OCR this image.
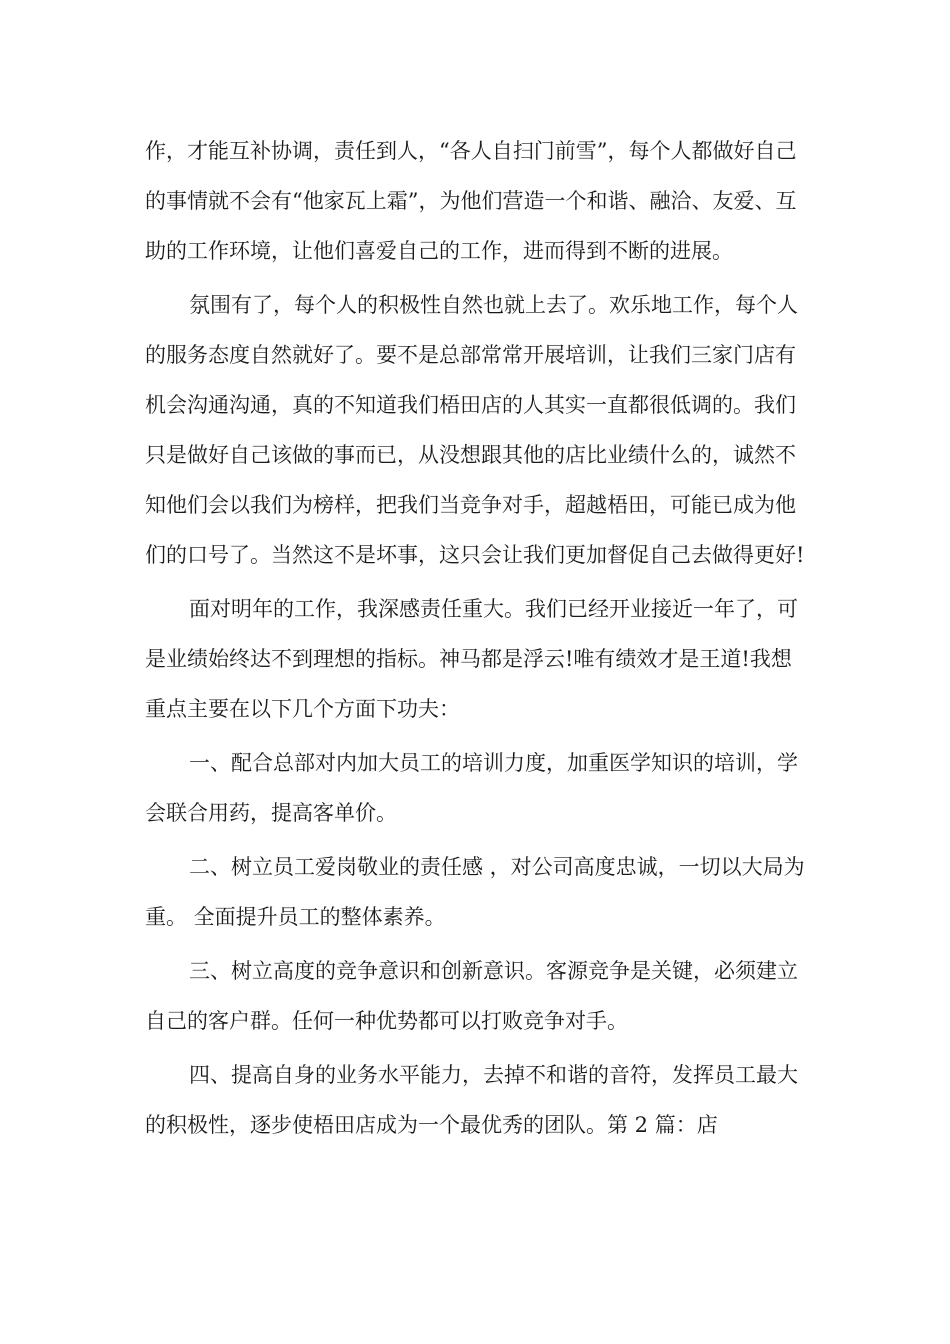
作，才能互补协调，责任到人，“各人自扫门前雪”，每个人都做好自己的事情就不会有“他家瓦上霜”，为他们营造一个和谐、融洽、友爱、互助的工作环境，让他们喜爱自己的工作，进而得到不断的进展。

氛围有了，每个人的积极性自然也就上去了。欢乐地工作，每个人的服务态度自然就好了。要不是总部常常开展培训，让我们三家门店有机会沟通沟通，真的不知道我们梧田店的人其实一直都很低调的。我们只是做好自己该做的事而已，从没想跟其他的店比业绩什么的，诚然不知他们会以我们为榜样，把我们当竞争对手，超越梧田，可能已成为他们的口号了。当然这不是坏事，这只会让我们更加督促自己去做得更好!

面对明年的工作，我深感责任重大。我们已经开业接近一年了，可是业绩始终达不到理想的指标。神马都是浮云!唯有绩效才是王道!我想重点主要在以下几个方面下功夫：

一、配合总部对内加大员工的培训力度，加重医学知识的培训，学会联合用药，提高客单价。

二、树立员工爱岗敬业的责任感 ，对公司高度忠诚，一切以大局为重。 全面提升员工的整体素养。

三、树立高度的竞争意识和创新意识。客源竞争是关键，必须建立自己的客户群。任何一种优势都可以打败竞争对手。

四、提高自身的业务水平能力，去掉不和谐的音符，发挥员工最大的积极性，逐步使梧田店成为一个最优秀的团队。第 2 篇：店
